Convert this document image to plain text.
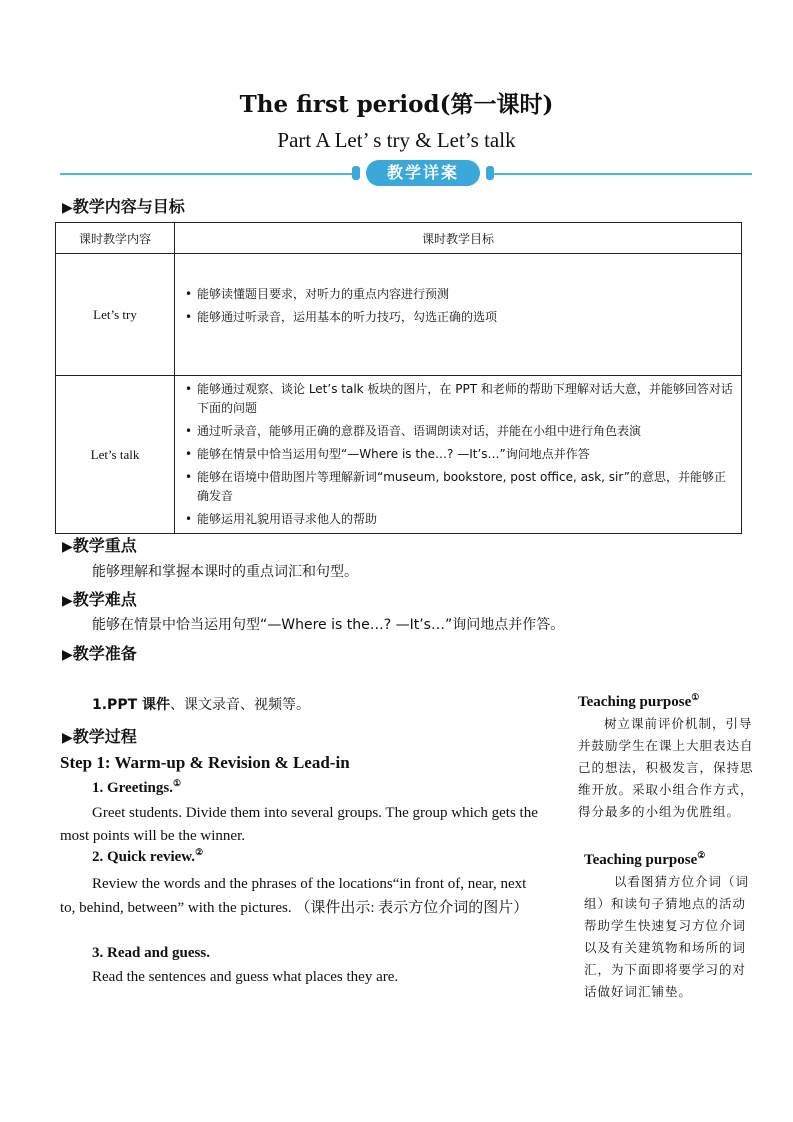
The first period(第一课时)
Part A Let’ s try & Let’s talk
教学详案
▶教学内容与目标
课时教学内容	课时教学目标
Let’s try	• 能够读懂题目要求，对听力的重点内容进行预测
• 能够通过听录音，运用基本的听力技巧，勾选正确的选项

Let’s talk	• 能够通过观察、谈论 Let’s talk 板块的图片，在 PPT 和老师的帮助下理解对话大意，并能够回答对话下面的问题
• 通过听录音，能够用正确的意群及语音、语调朗读对话，并能在小组中进行角色表演
• 能够在情景中恰当运用句型“—Where is the…? —It’s…”询问地点并作答
• 能够在语境中借助图片等理解新词“museum, bookstore, post office, ask, sir”的意思，并能够正确发音
• 能够运用礼貌用语寻求他人的帮助
▶教学重点
能够理解和掌握本课时的重点词汇和句型。
▶教学难点
能够在情景中恰当运用句型“—Where is the…? —It’s…”询问地点并作答。
▶教学准备
1.PPT 课件、课文录音、视频等。
▶教学过程
Step 1: Warm-up & Revision & Lead-in
1. Greetings.①
Greet students. Divide them into several groups. The group which gets the most points will be the winner.
2. Quick review.②
Review the words and the phrases of the locations“in front of, near, next to, behind, between” with the pictures. （课件出示: 表示方位介词的图片）
3. Read and guess.
Read the sentences and guess what places they are.
Teaching purpose①
树立课前评价机制，引导并鼓励学生在课上大胆表达自己的想法，积极发言，保持思维开放。采取小组合作方式，得分最多的小组为优胜组。
Teaching purpose②
以看图猜方位介词（词组）和读句子猜地点的活动帮助学生快速复习方位介词以及有关建筑物和场所的词汇，为下面即将要学习的对话做好词汇铺垫。
